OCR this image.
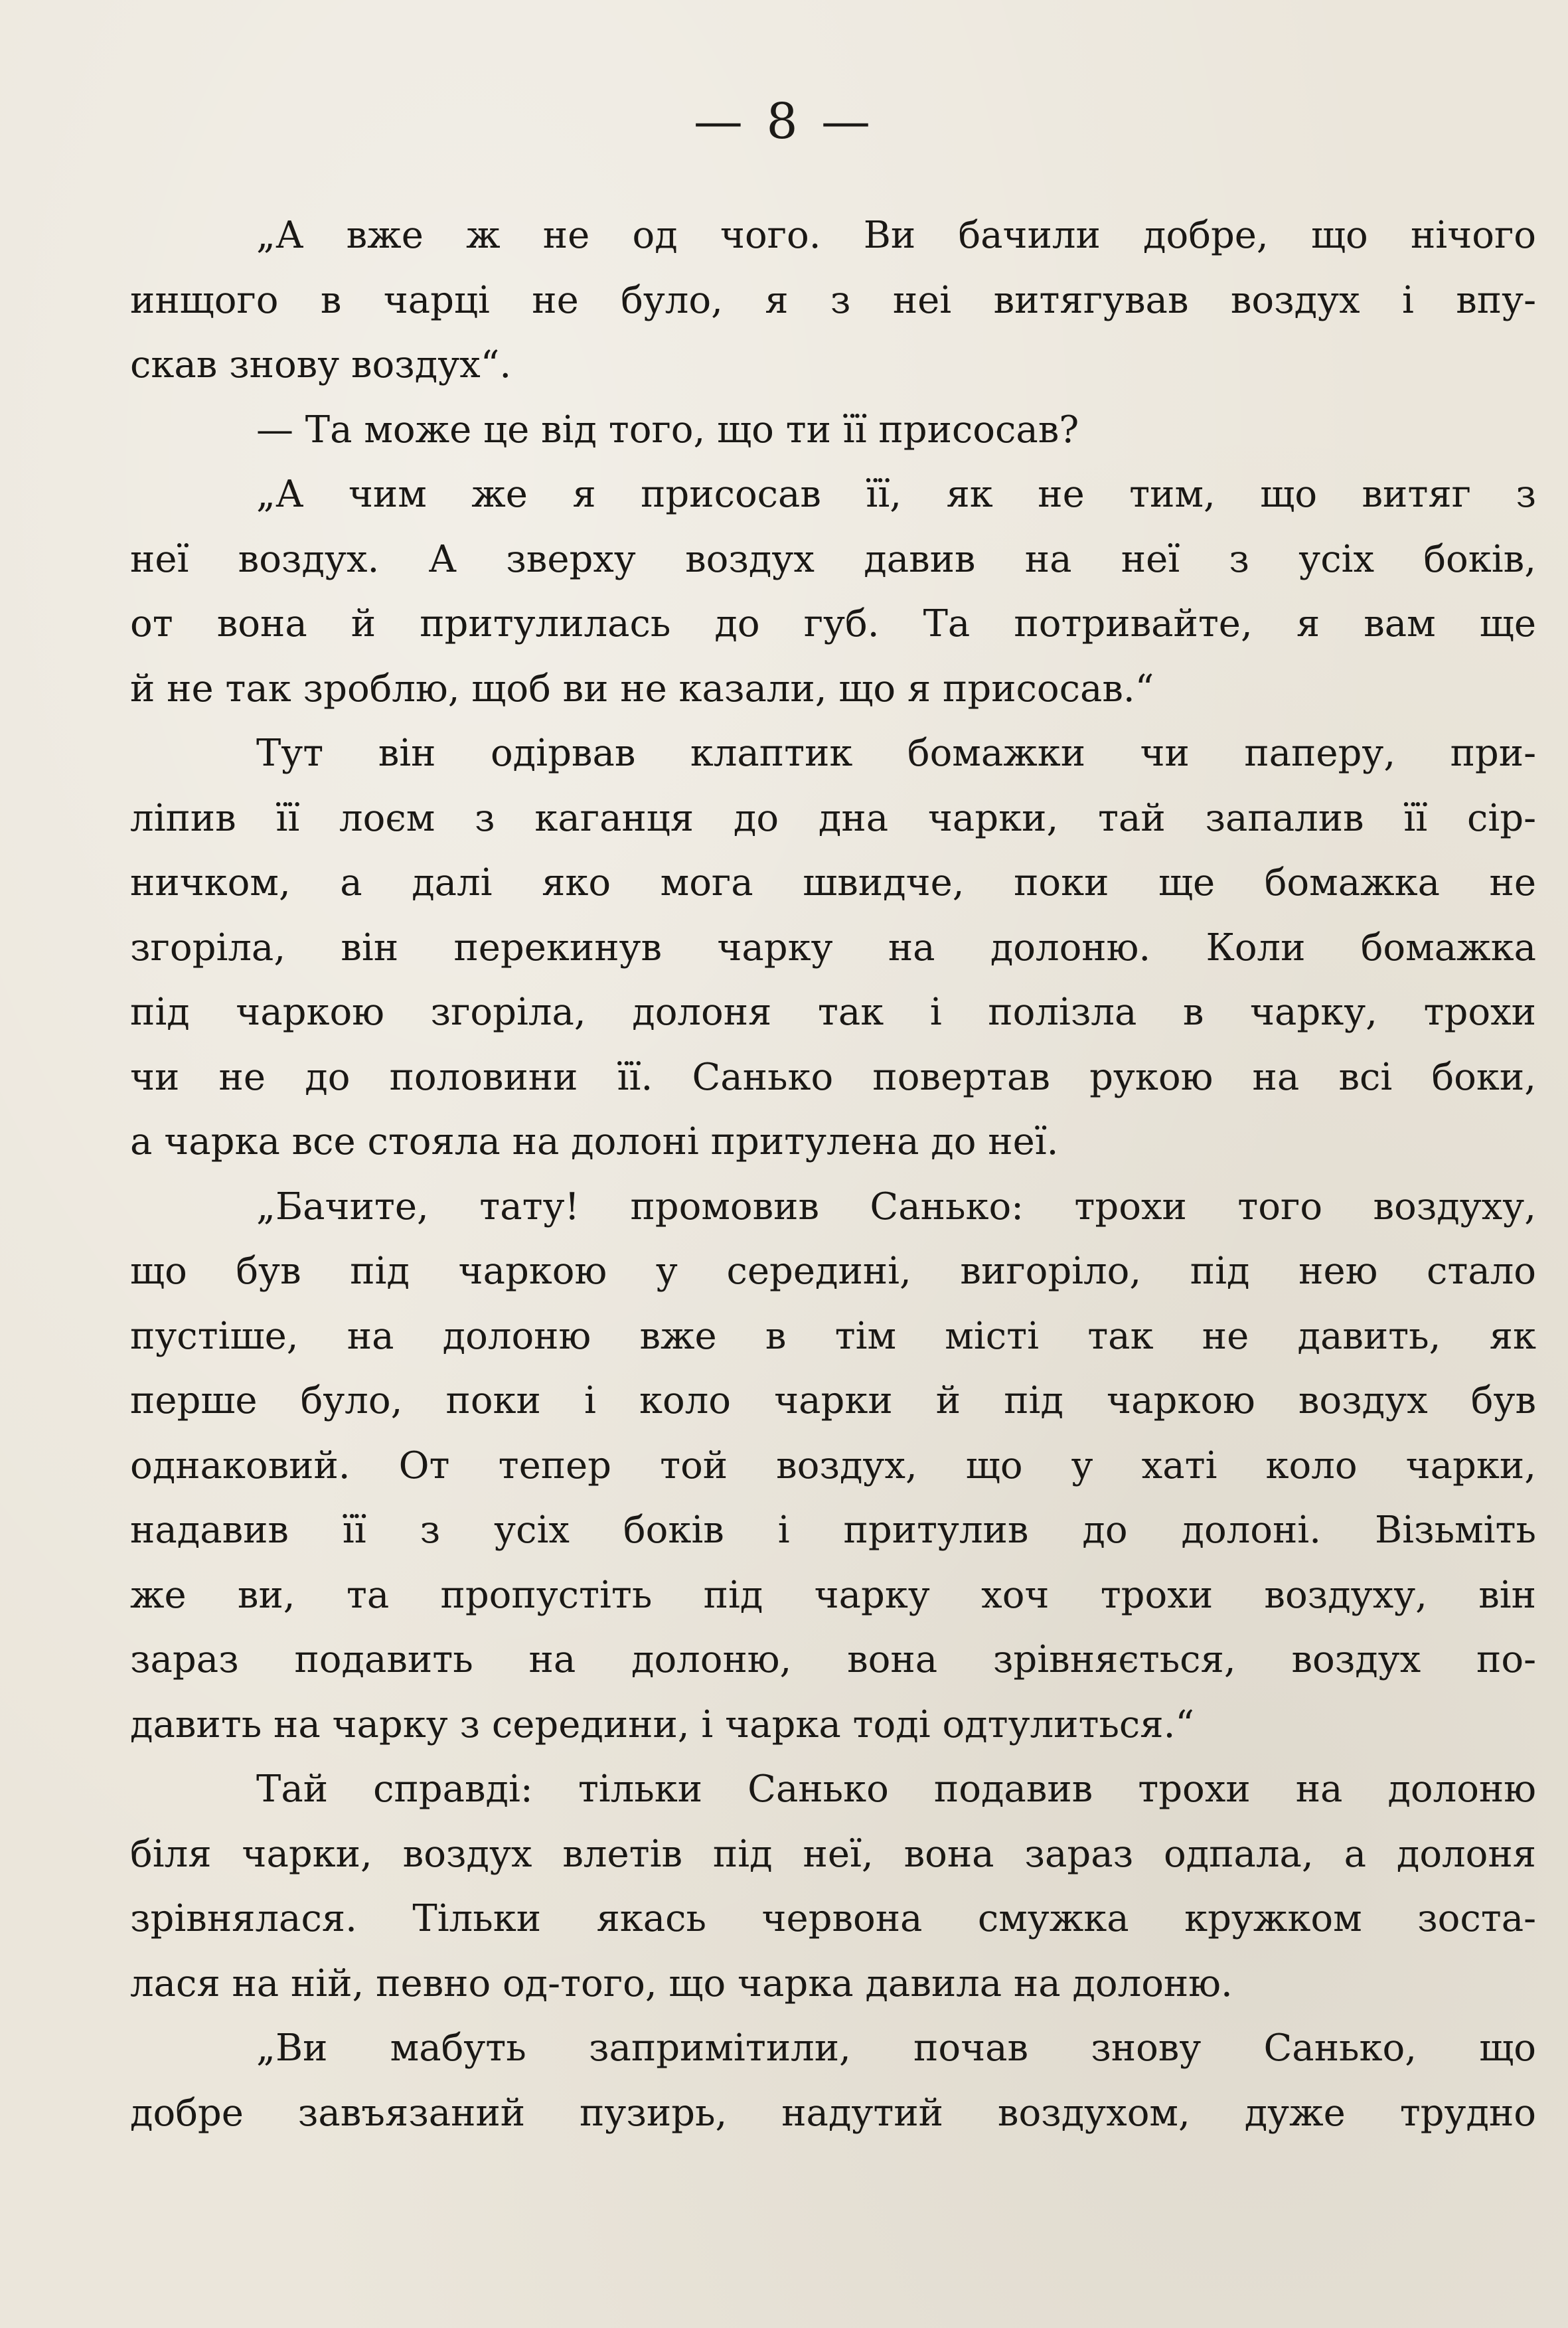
— 8 —
„А вже ж не од чого. Ви бачили добре, що нічого
инщого в чарці не було, я з неі витягував воздух і впу-
скав знову воздух“.
— Та може це від того, що ти її присосав?
„А чим же я присосав її, як не тим, що витяг з
неї воздух. А зверху воздух давив на неї з усіх боків,
от вона й притулилась до губ. Та потривайте, я вам ще
й не так зроблю, щоб ви не казали, що я присосав.“
Тут він одірвав клаптик бомажки чи паперу, при-
ліпив її лоєм з каганця до дна чарки, тай запалив її сір-
ничком, а далі яко мога швидче, поки ще бомажка не
згоріла, він перекинув чарку на долоню. Коли бомажка
під чаркою згоріла, долоня так і полізла в чарку, трохи
чи не до половини її. Санько повертав рукою на всі боки,
а чарка все стояла на долоні притулена до неї.
„Бачите, тату! промовив Санько: трохи того воздуху,
що був під чаркою у середині, вигоріло, під нею стало
пустіше, на долоню вже в тім місті так не давить, як
перше було, поки і коло чарки й під чаркою воздух був
однаковий. От тепер той воздух, що у хаті коло чарки,
надавив її з усіх боків і притулив до долоні. Візьміть
же ви, та пропустіть під чарку хоч трохи воздуху, він
зараз подавить на долоню, вона зрівняється, воздух по-
давить на чарку з середини, і чарка тоді одтулиться.“
Тай справді: тільки Санько подавив трохи на долоню
біля чарки, воздух влетів під неї, вона зараз одпала, а долоня
зрівнялася. Тільки якась червона смужка кружком зоста-
лася на ній, певно од-того, що чарка давила на долоню.
„Ви мабуть запримітили, почав знову Санько, що
добре завъязаний пузирь, надутий воздухом, дуже трудно
